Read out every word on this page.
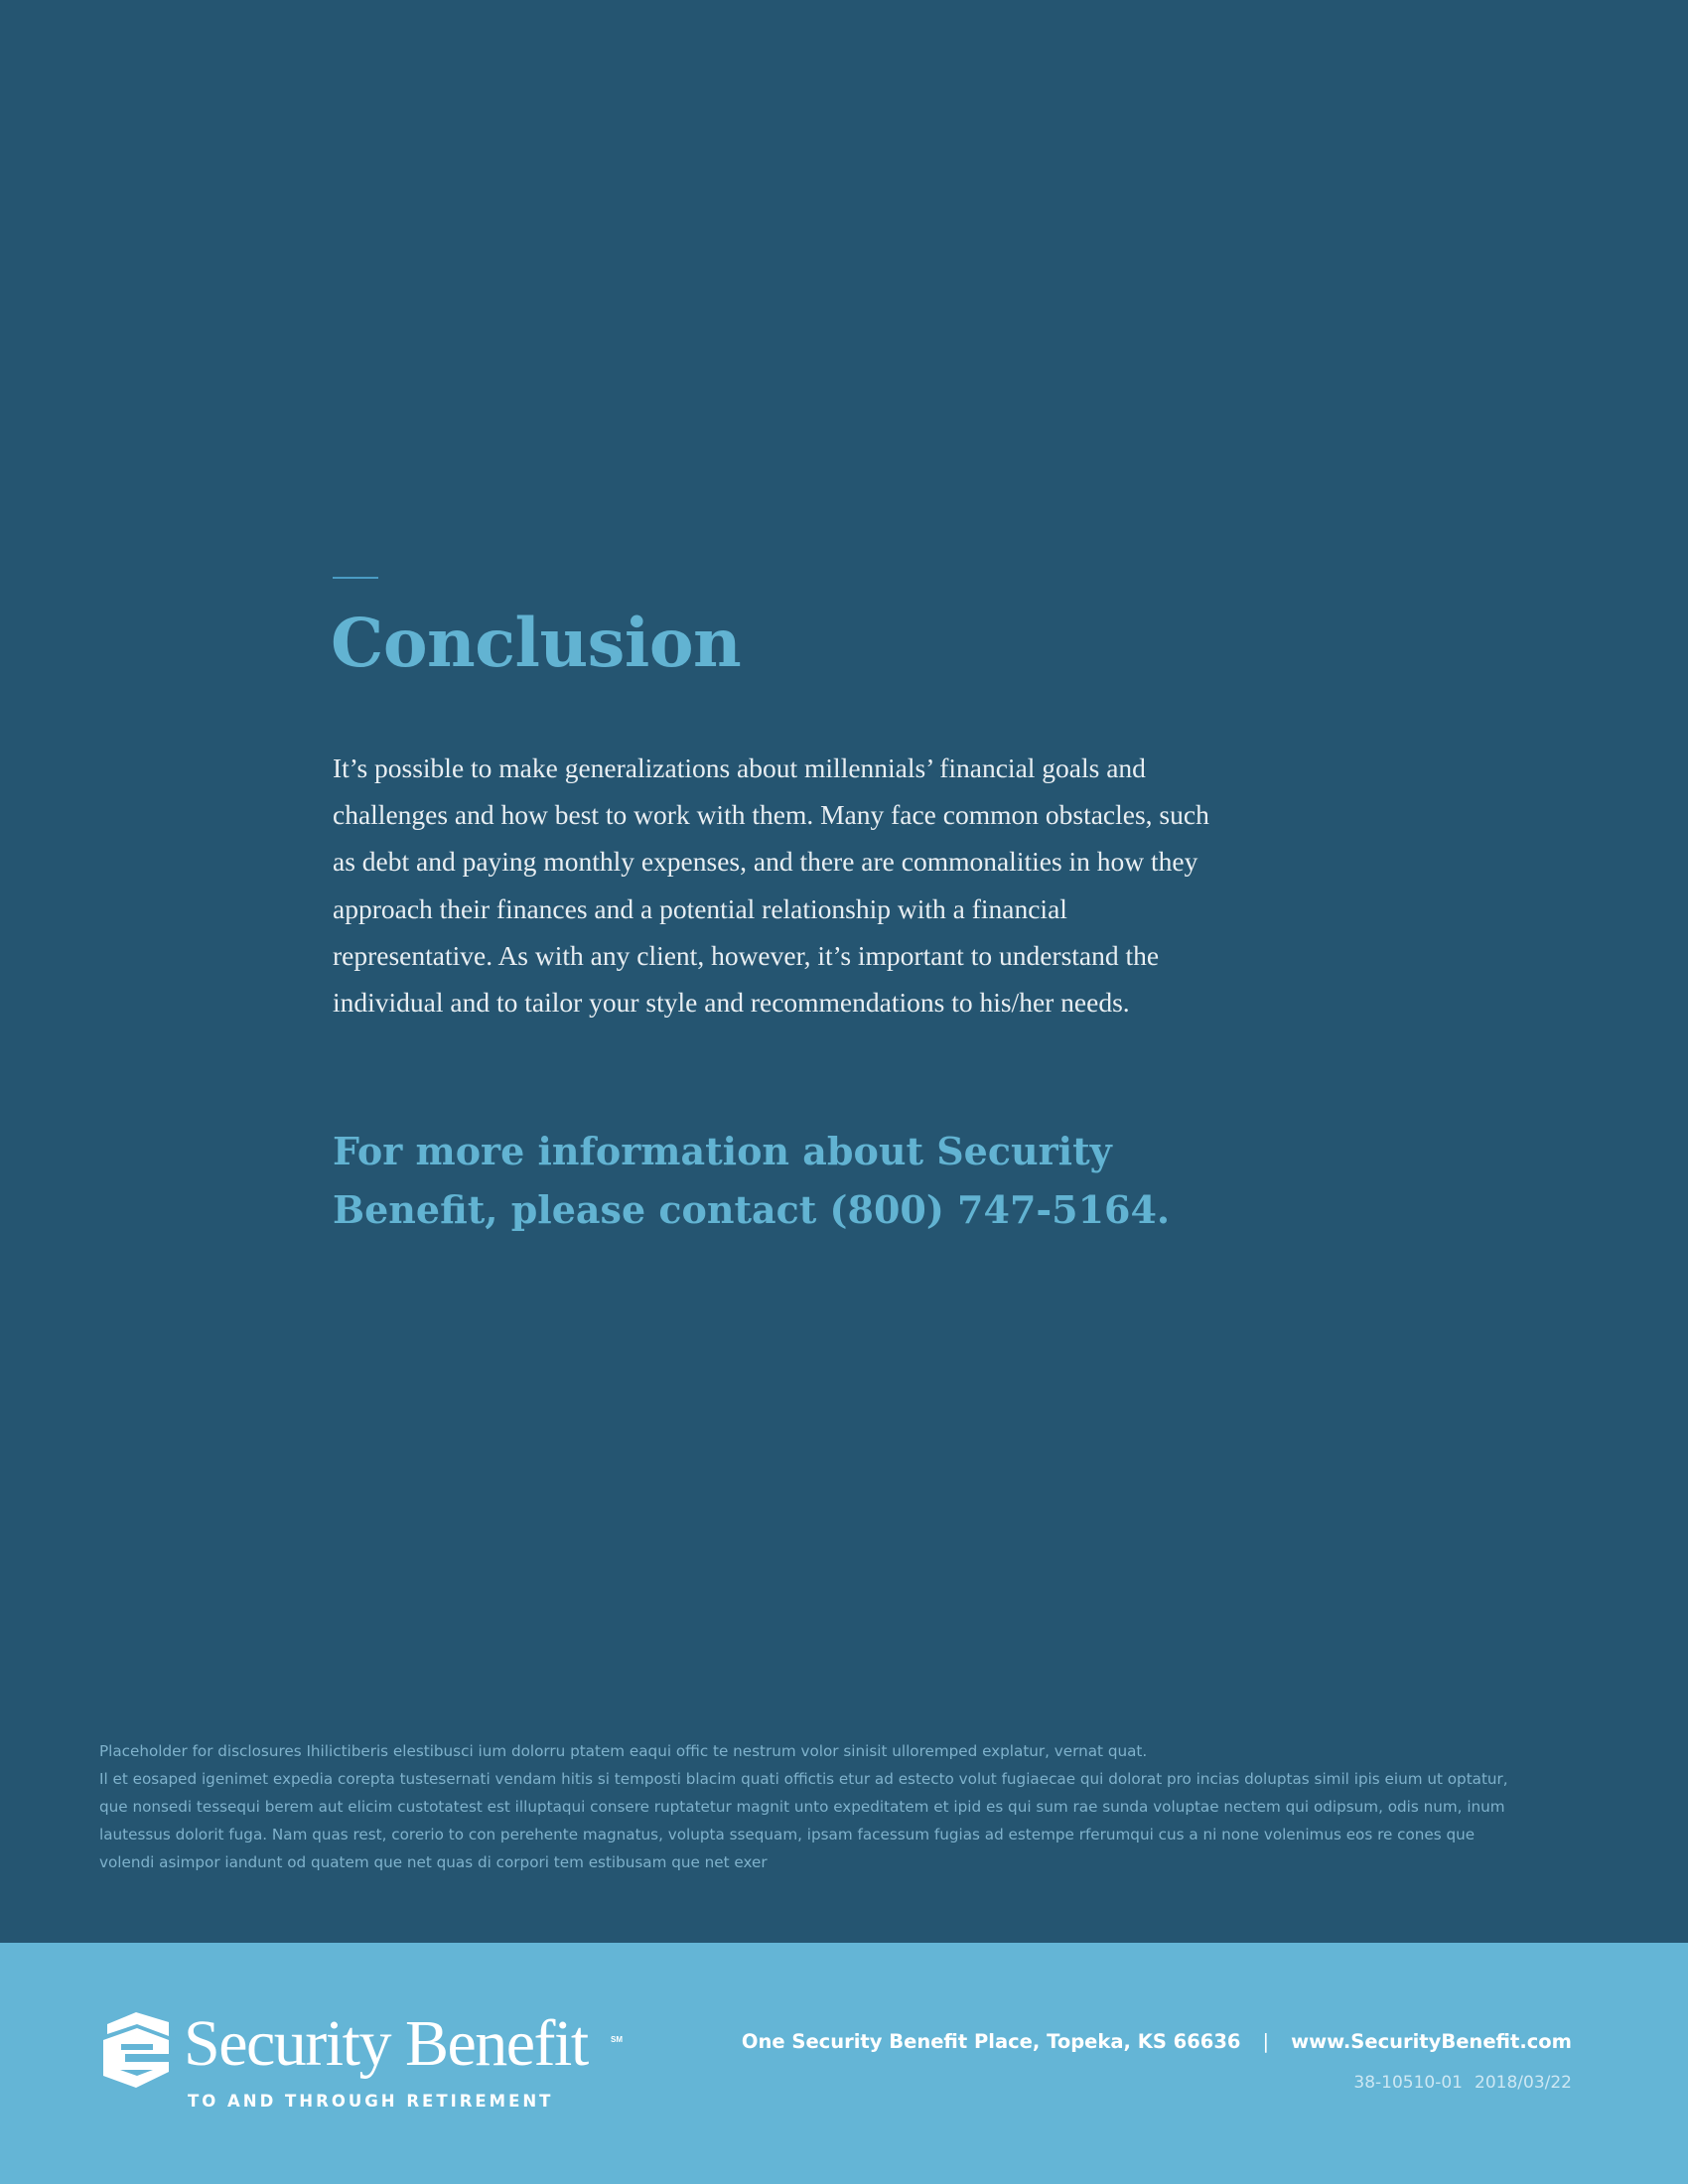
Conclusion

It’s possible to make generalizations about millennials’ financial goals and challenges and how best to work with them. Many face common obstacles, such as debt and paying monthly expenses, and there are commonalities in how they approach their finances and a potential relationship with a financial representative. As with any client, however, it’s important to understand the individual and to tailor your style and recommendations to his/her needs.

For more information about Security Benefit, please contact (800) 747-5164.

Placeholder for disclosures Ihilictiberis elestibusci ium dolorru ptatem eaqui offic te nestrum volor sinisit ulloremped explatur, vernat quat.
Il et eosaped igenimet expedia corepta tustesernati vendam hitis si temposti blacim quati offictis etur ad estecto volut fugiaecae qui dolorat pro incias doluptas simil ipis eium ut optatur, que nonsedi tessequi berem aut elicim custotatest est illuptaqui consere ruptatetur magnit unto expeditatem et ipid es qui sum rae sunda voluptae nectem qui odipsum, odis num, inum lautessus dolorit fuga. Nam quas rest, corerio to con perehente magnatus, volupta ssequam, ipsam facessum fugias ad estempe rferumqui cus a ni none volenimus eos re cones que volendi asimpor iandunt od quatem que net quas di corpori tem estibusam que net exer
Security Benefit	SM
TO AND THROUGH RETIREMENT
One Security Benefit Place, Topeka, KS 66636 | www.SecurityBenefit.com
38-10510-01 2018/03/22
